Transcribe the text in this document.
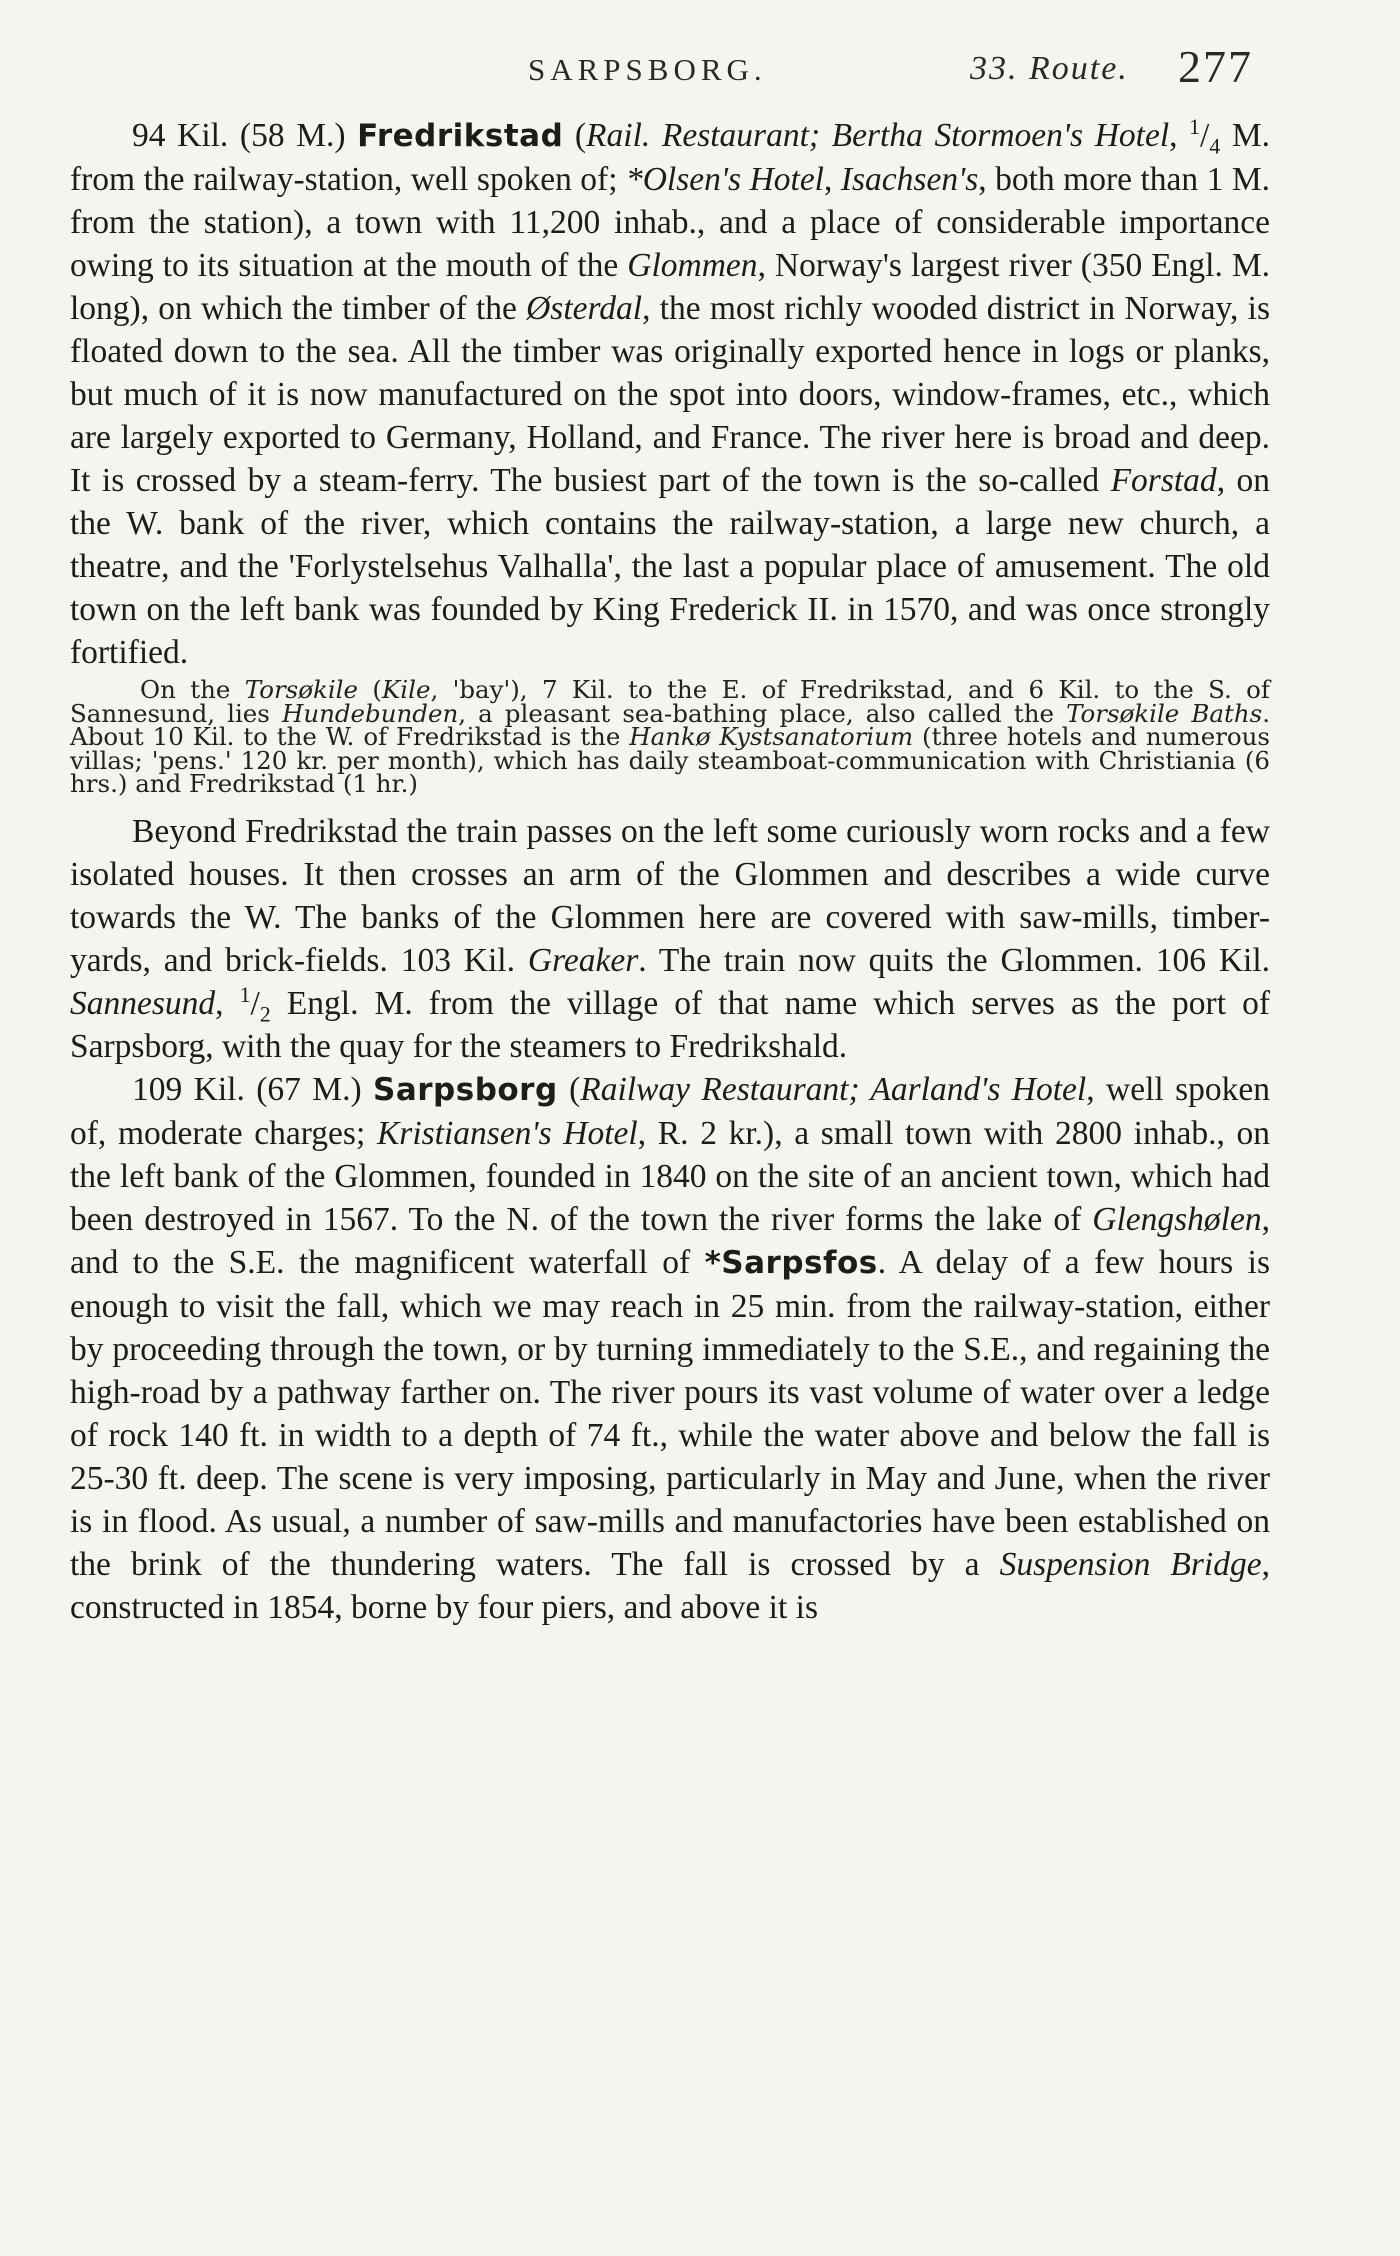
SARPSBORG.	33. Route. 277

94 Kil. (58 M.) Fredrikstad (Rail. Restaurant; Bertha Stormoen's Hotel, $^1/_4$ M. from the railway-station, well spoken of; *Olsen's Hotel, Isachsen's, both more than 1 M. from the station), a town with 11,200 inhab., and a place of considerable importance owing to its situation at the mouth of the Glommen, Norway's largest river (350 Engl. M. long), on which the timber of the Østerdal, the most richly wooded district in Norway, is floated down to the sea. All the timber was originally exported hence in logs or planks, but much of it is now manufactured on the spot into doors, window-frames, etc., which are largely exported to Germany, Holland, and France. The river here is broad and deep. It is crossed by a steam-ferry. The busiest part of the town is the so-called Forstad, on the W. bank of the river, which contains the railway-station, a large new church, a theatre, and the 'Forlystelsehus Valhalla', the last a popular place of amusement. The old town on the left bank was founded by King Frederick II. in 1570, and was once strongly fortified.

On the Torsøkile (Kile, 'bay'), 7 Kil. to the E. of Fredrikstad, and 6 Kil. to the S. of Sannesund, lies Hundebunden, a pleasant sea-bathing place, also called the Torsøkile Baths. About 10 Kil. to the W. of Fredrikstad is the Hankø Kystsanatorium (three hotels and numerous villas; 'pens.' 120 kr. per month), which has daily steamboat-communication with Christiania (6 hrs.) and Fredrikstad (1 hr.)

Beyond Fredrikstad the train passes on the left some curiously worn rocks and a few isolated houses. It then crosses an arm of the Glommen and describes a wide curve towards the W. The banks of the Glommen here are covered with saw-mills, timber-yards, and brick-fields. 103 Kil. Greaker. The train now quits the Glommen. 106 Kil. Sannesund, $^1/_2$ Engl. M. from the village of that name which serves as the port of Sarpsborg, with the quay for the steamers to Fredrikshald.

109 Kil. (67 M.) Sarpsborg (Railway Restaurant; Aarland's Hotel, well spoken of, moderate charges; Kristiansen's Hotel, R. 2 kr.), a small town with 2800 inhab., on the left bank of the Glommen, founded in 1840 on the site of an ancient town, which had been destroyed in 1567. To the N. of the town the river forms the lake of Glengshølen, and to the S.E. the magnificent waterfall of *Sarpsfos. A delay of a few hours is enough to visit the fall, which we may reach in 25 min. from the railway-station, either by proceeding through the town, or by turning immediately to the S.E., and regaining the high-road by a pathway farther on. The river pours its vast volume of water over a ledge of rock 140 ft. in width to a depth of 74 ft., while the water above and below the fall is 25-30 ft. deep. The scene is very imposing, particularly in May and June, when the river is in flood. As usual, a number of saw-mills and manufactories have been established on the brink of the thundering waters. The fall is crossed by a Suspension Bridge, constructed in 1854, borne by four piers, and above it is
